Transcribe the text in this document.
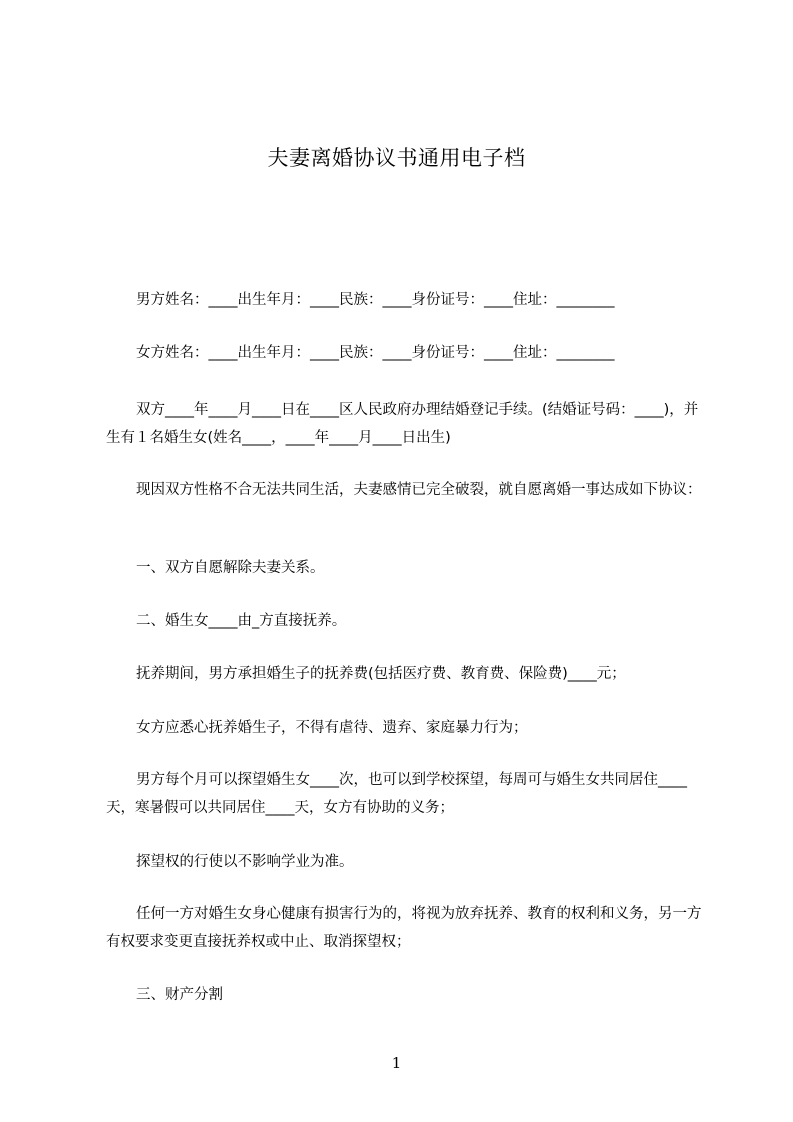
夫妻离婚协议书通用电子档
男方姓名：____出生年月：____民族：____身份证号：____住址：________
女方姓名：____出生年月：____民族：____身份证号：____住址：________
双方____年____月____日在____区人民政府办理结婚登记手续。(结婚证号码：____)，并生有１名婚生女(姓名____，____年____月____日出生)
现因双方性格不合无法共同生活，夫妻感情已完全破裂，就自愿离婚一事达成如下协议：
一、双方自愿解除夫妻关系。
二、婚生女____由_方直接抚养。
抚养期间，男方承担婚生子的抚养费(包括医疗费、教育费、保险费)____元；
女方应悉心抚养婚生子，不得有虐待、遗弃、家庭暴力行为；
男方每个月可以探望婚生女____次，也可以到学校探望，每周可与婚生女共同居住____天，寒暑假可以共同居住____天，女方有协助的义务；
探望权的行使以不影响学业为准。
任何一方对婚生女身心健康有损害行为的，将视为放弃抚养、教育的权利和义务，另一方有权要求变更直接抚养权或中止、取消探望权；
三、财产分割
1
